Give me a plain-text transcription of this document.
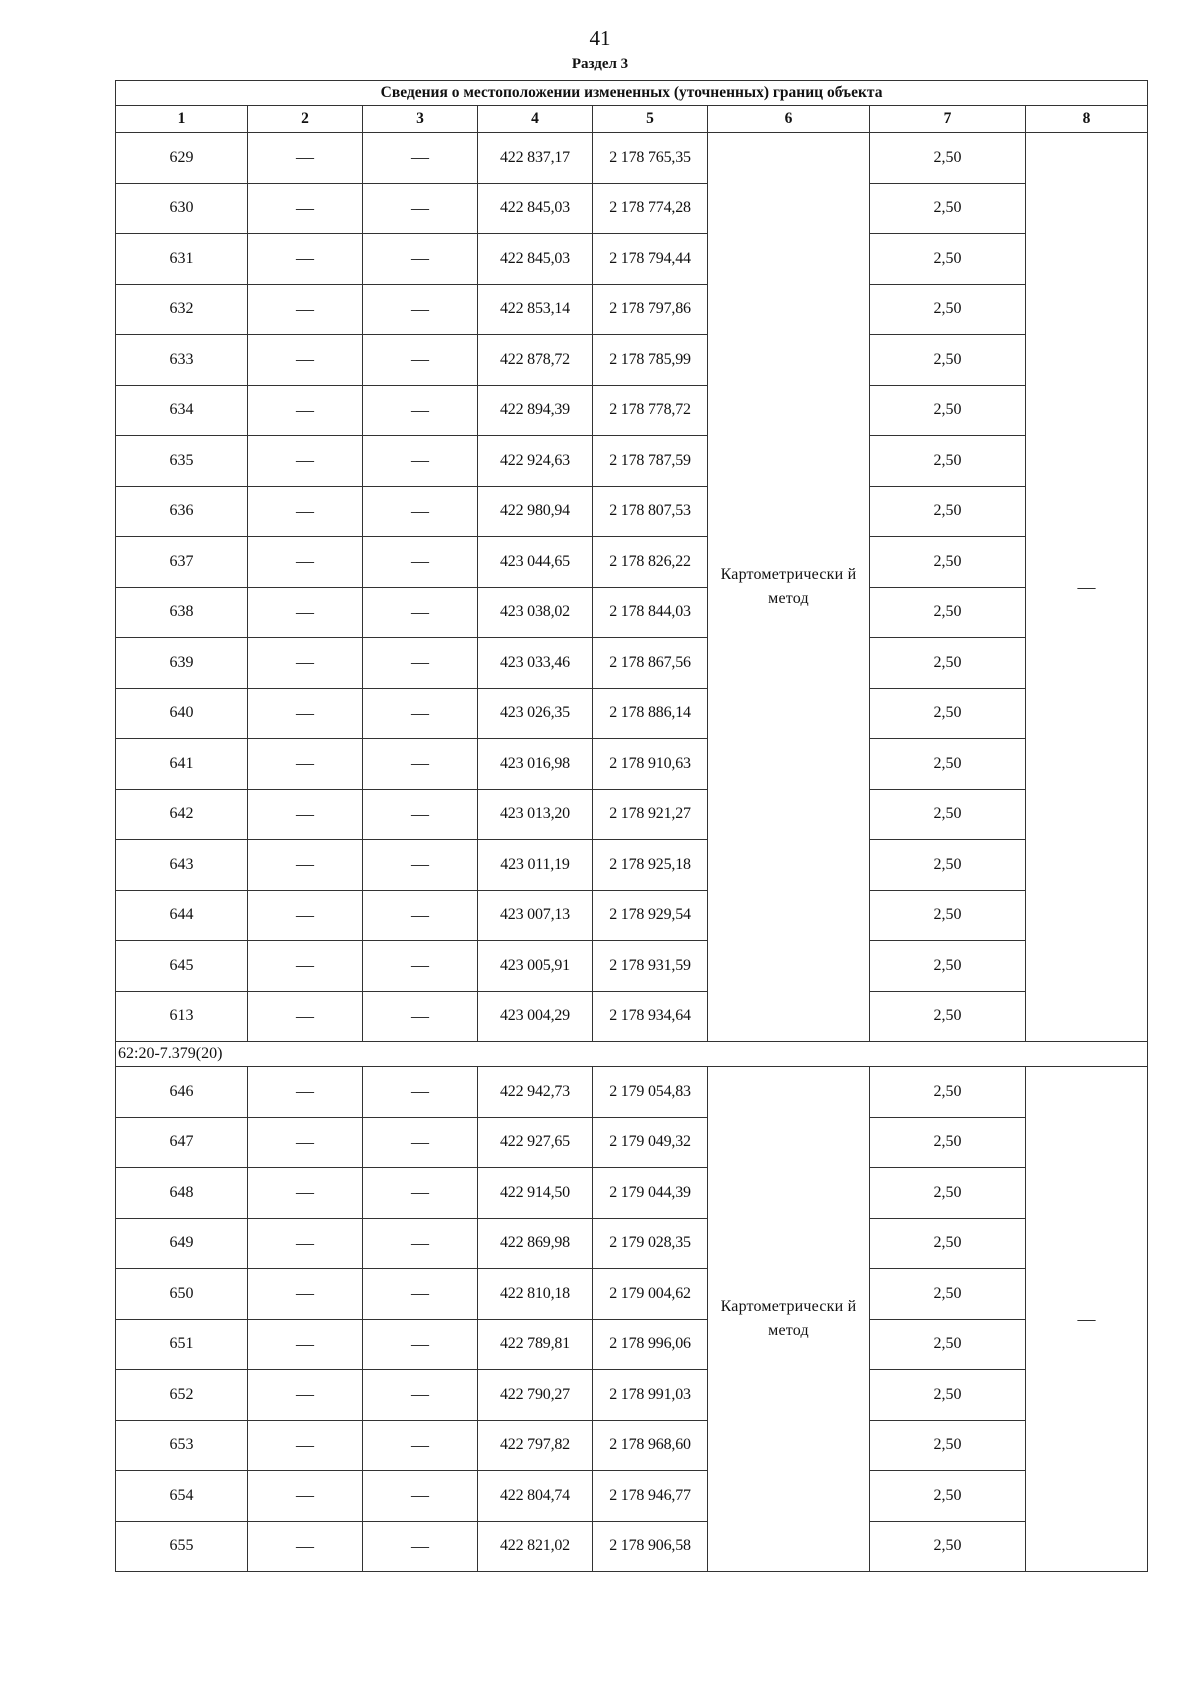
41
Раздел 3
Сведения о местоположении измененных (уточненных) границ объекта							
1	2	3	4	5	6	7	8
629	—	—	422 837,17	2 178 765,35	Картометрически й метод	2,50	—
630	—	—	422 845,03	2 178 774,28		2,50	
631	—	—	422 845,03	2 178 794,44		2,50	
632	—	—	422 853,14	2 178 797,86		2,50	
633	—	—	422 878,72	2 178 785,99		2,50	
634	—	—	422 894,39	2 178 778,72		2,50	
635	—	—	422 924,63	2 178 787,59		2,50	
636	—	—	422 980,94	2 178 807,53		2,50	
637	—	—	423 044,65	2 178 826,22		2,50	
638	—	—	423 038,02	2 178 844,03		2,50	
639	—	—	423 033,46	2 178 867,56		2,50	
640	—	—	423 026,35	2 178 886,14		2,50	
641	—	—	423 016,98	2 178 910,63		2,50	
642	—	—	423 013,20	2 178 921,27		2,50	
643	—	—	423 011,19	2 178 925,18		2,50	
644	—	—	423 007,13	2 178 929,54		2,50	
645	—	—	423 005,91	2 178 931,59		2,50	
613	—	—	423 004,29	2 178 934,64		2,50	
62:20-7.379(20)							
646	—	—	422 942,73	2 179 054,83	Картометрически й метод	2,50	—
647	—	—	422 927,65	2 179 049,32		2,50	
648	—	—	422 914,50	2 179 044,39		2,50	
649	—	—	422 869,98	2 179 028,35		2,50	
650	—	—	422 810,18	2 179 004,62		2,50	
651	—	—	422 789,81	2 178 996,06		2,50	
652	—	—	422 790,27	2 178 991,03		2,50	
653	—	—	422 797,82	2 178 968,60		2,50	
654	—	—	422 804,74	2 178 946,77		2,50	
655	—	—	422 821,02	2 178 906,58		2,50	
